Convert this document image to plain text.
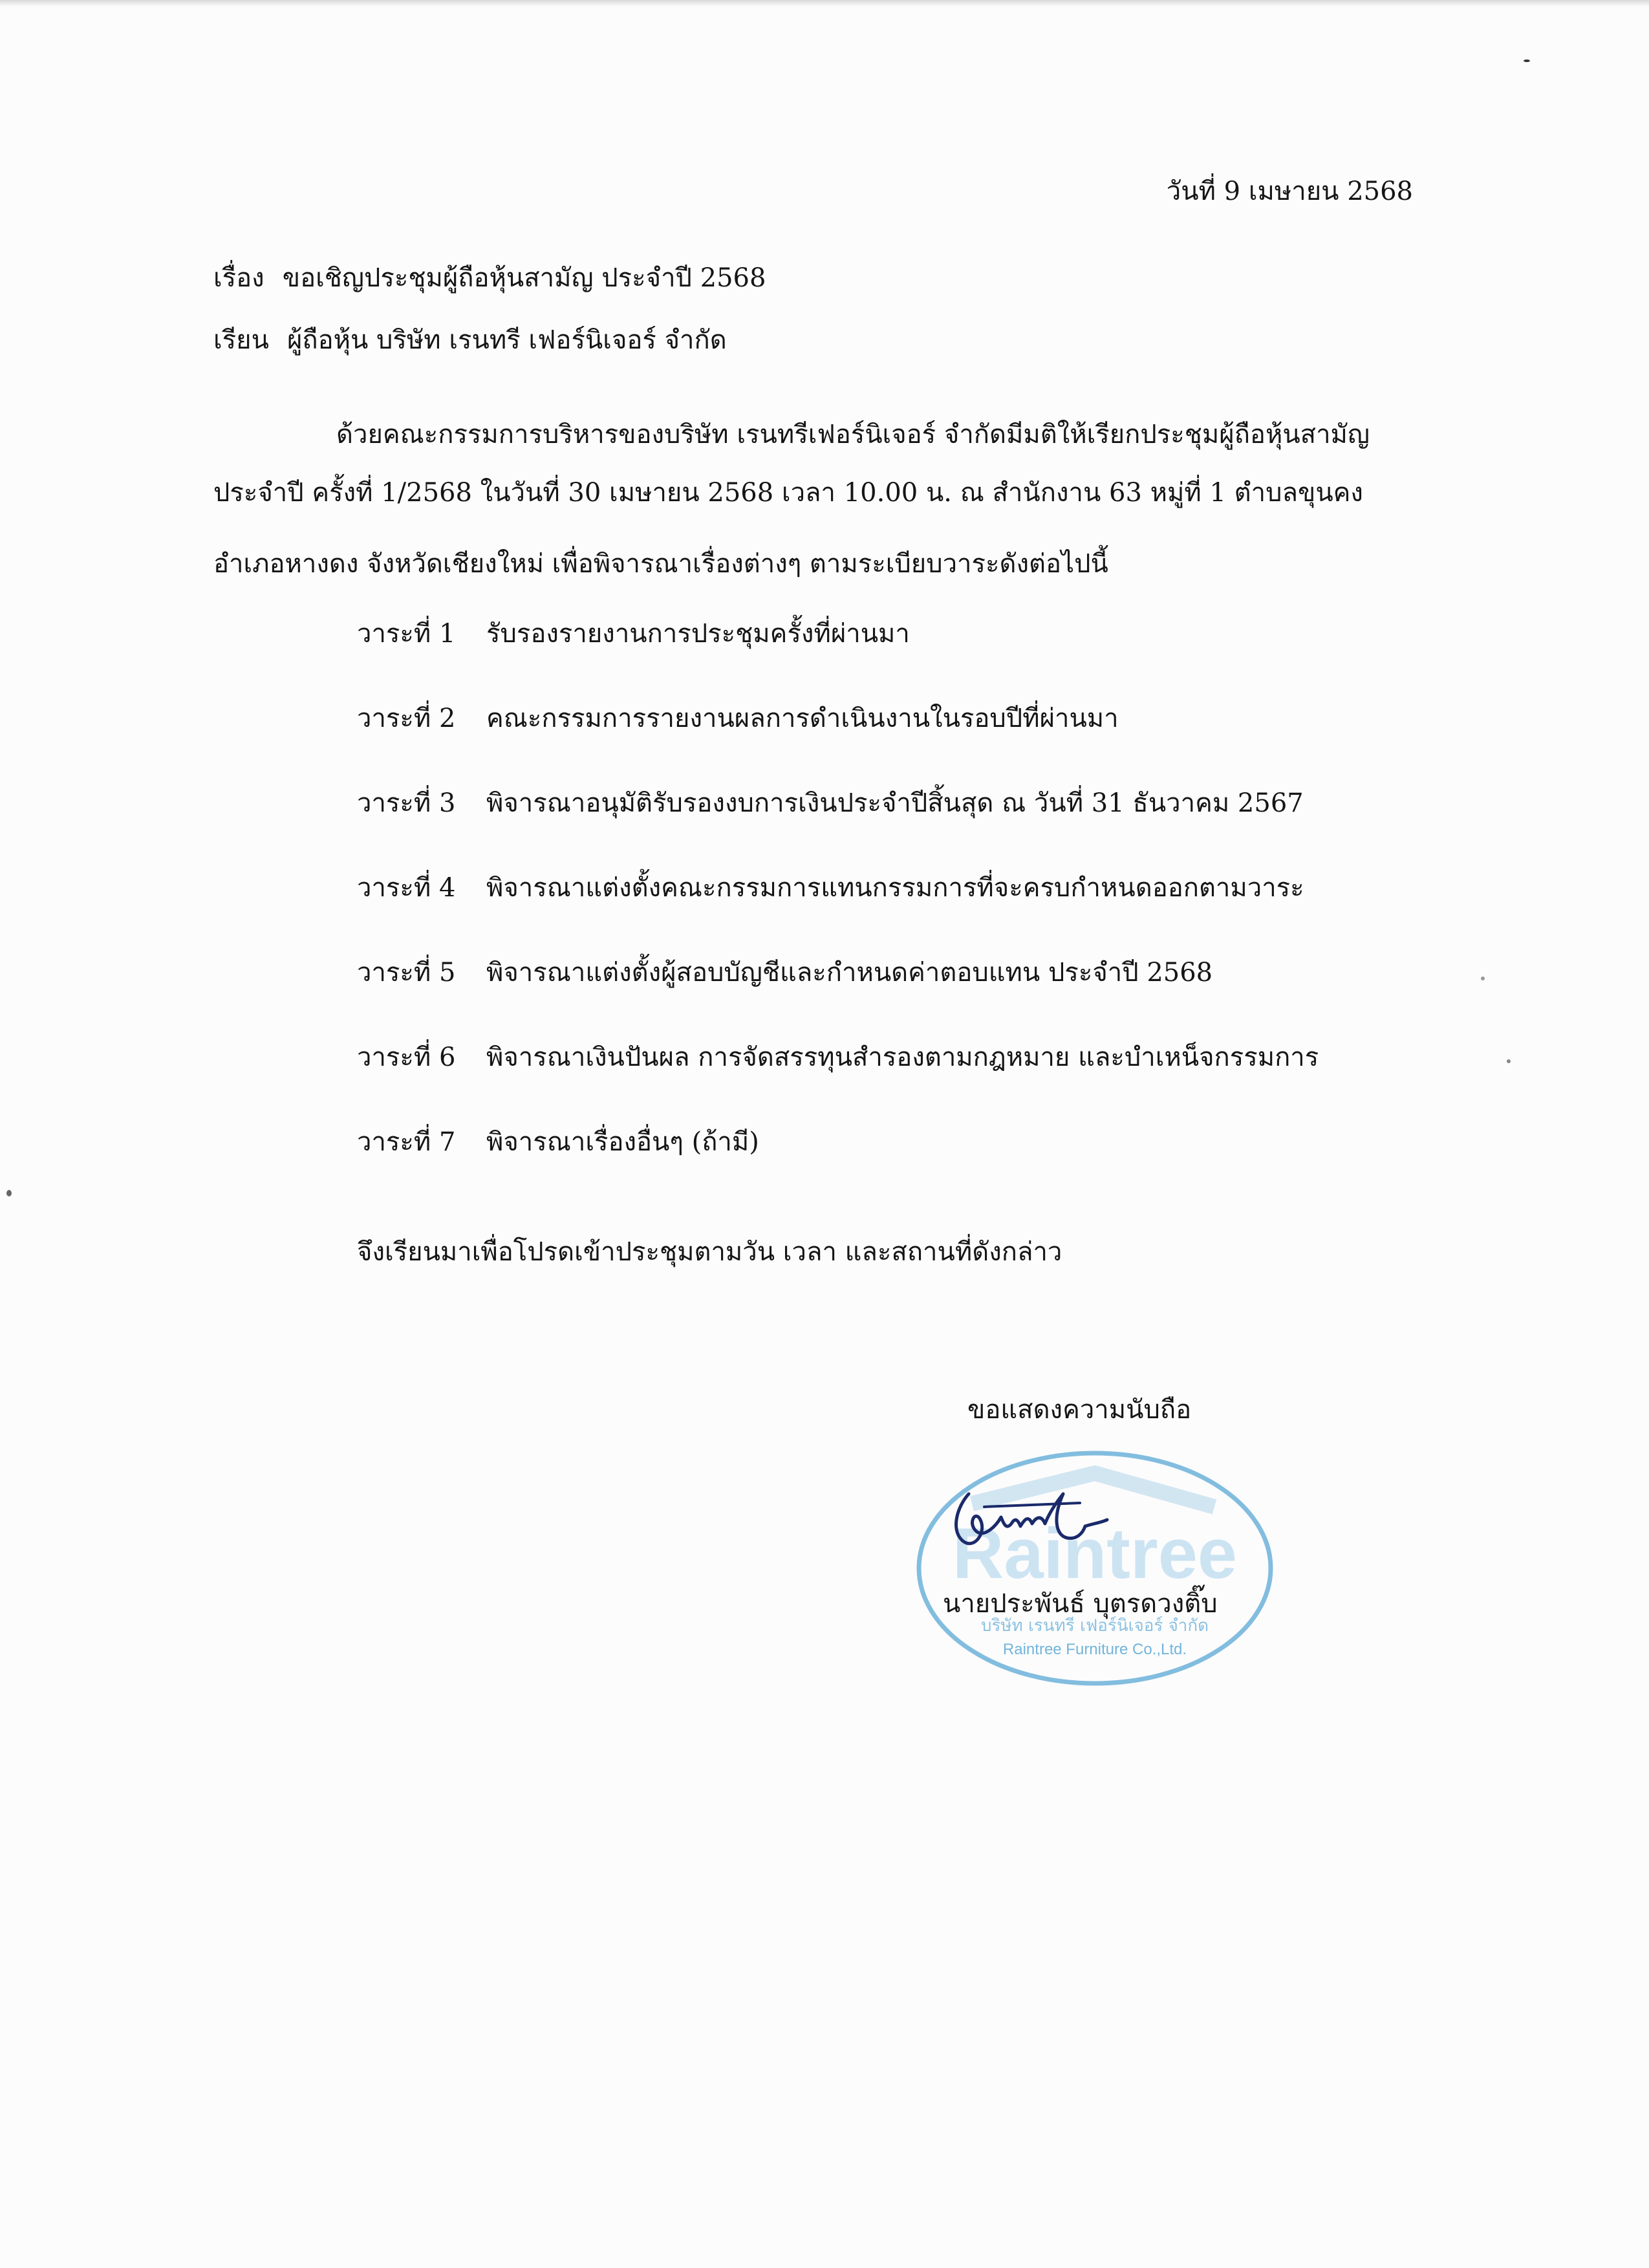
วันที่ 9 เมษายน 2568
เรื่อง ขอเชิญประชุมผู้ถือหุ้นสามัญ ประจำปี 2568
เรียน ผู้ถือหุ้น บริษัท เรนทรี เฟอร์นิเจอร์ จำกัด
ด้วยคณะกรรมการบริหารของบริษัท เรนทรีเฟอร์นิเจอร์ จำกัดมีมติให้เรียกประชุมผู้ถือหุ้นสามัญ
ประจำปี ครั้งที่ 1/2568 ในวันที่ 30 เมษายน 2568 เวลา 10.00 น. ณ สำนักงาน 63 หมู่ที่ 1 ตำบลขุนคง
อำเภอหางดง จังหวัดเชียงใหม่ เพื่อพิจารณาเรื่องต่างๆ ตามระเบียบวาระดังต่อไปนี้
วาระที่ 1 รับรองรายงานการประชุมครั้งที่ผ่านมา
วาระที่ 2 คณะกรรมการรายงานผลการดำเนินงานในรอบปีที่ผ่านมา
วาระที่ 3 พิจารณาอนุมัติรับรองงบการเงินประจำปีสิ้นสุด ณ วันที่ 31 ธันวาคม 2567
วาระที่ 4 พิจารณาแต่งตั้งคณะกรรมการแทนกรรมการที่จะครบกำหนดออกตามวาระ
วาระที่ 5 พิจารณาแต่งตั้งผู้สอบบัญชีและกำหนดค่าตอบแทน ประจำปี 2568
วาระที่ 6 พิจารณาเงินปันผล การจัดสรรทุนสำรองตามกฎหมาย และบำเหน็จกรรมการ
วาระที่ 7 พิจารณาเรื่องอื่นๆ (ถ้ามี)
จึงเรียนมาเพื่อโปรดเข้าประชุมตามวัน เวลา และสถานที่ดังกล่าว
ขอแสดงความนับถือ
Raintree
บริษัท เรนทรี เฟอร์นิเจอร์ จำกัด
Raintree Furniture Co.,Ltd.
นายประพันธ์ บุตรดวงติ๊บ
